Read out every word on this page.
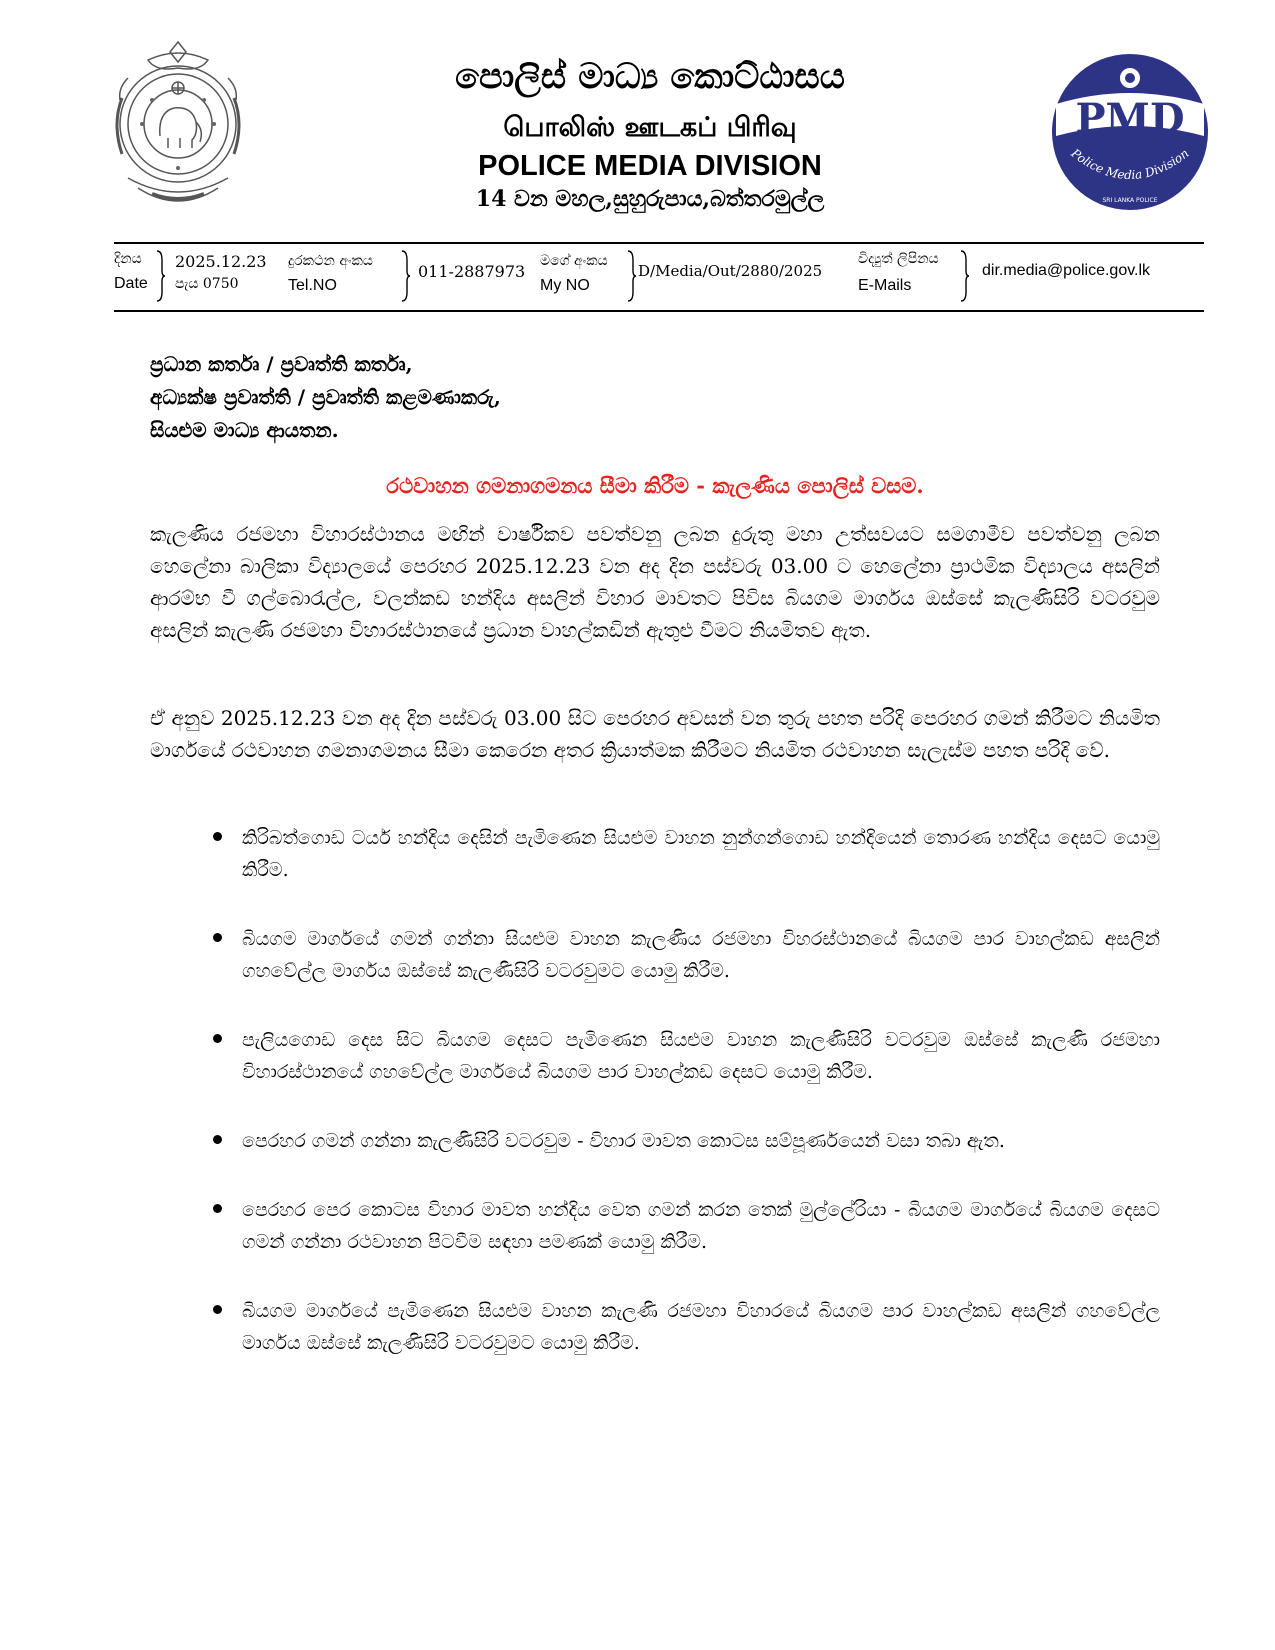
පොලිස් මාධ්‍ය කොට්ඨාසය
பொலிஸ் ஊடகப் பிரிவு
POLICE MEDIA DIVISION
14 වන මහල,සුහුරුපාය,බත්තරමුල්ල
PMD
Police Media Division
SRI LANKA POLICE
දිනය
Date
2025.12.23
පැය 0750
දුරකථන අංකය
Tel.NO
011-2887973
මගේ අංකය
My NO
D/Media/Out/2880/2025
විද්‍යුත් ලිපිනය
E-Mails
dir.media@police.gov.lk
ප්‍රධාන කර්තෘ / ප්‍රවෘත්ති කර්තෘ,
අධ්‍යක්ෂ ප්‍රවෘත්ති / ප්‍රවෘත්ති කළමණාකරු,
සියළුම මාධ්‍ය ආයතන.
රථවාහන ගමනාගමනය සීමා කිරීම - කැලණිය පොලිස් වසම.

කැලණිය රජමහා විහාරස්ථානය මඟින් වාර්ෂිකව පවත්වනු ලබන දුරුතු මහා උත්සවයට සමගාමීව පවත්වනු ලබන හෙලේනා බාලිකා විද්‍යාලයේ පෙරහර 2025.12.23 වන අද දින පස්වරු 03.00 ට හෙලේනා ප්‍රාථමික විද්‍යාලය අසලින් ආරම්භ වී ගල්බොරැල්ල, වලන්කඩ හන්දිය අසලින් විහාර මාවතට පිවිස බියගම මාර්ගය ඔස්සේ කැලණිසිරි වටරවුම අසලින් කැලණි රජමහා විහාරස්ථානයේ ප්‍රධාන වාහල්කඩින් ඇතුළු වීමට නියමිතව ඇත.

ඒ අනුව 2025.12.23 වන අද දින පස්වරු 03.00 සිට පෙරහර අවසන් වන තුරු පහත පරිදි පෙරහර ගමන් කිරීමට නියමිත මාර්ගයේ රථවාහන ගමනාගමනය සීමා කෙරෙන අතර ක්‍රියාත්මක කිරීමට නියමිත රථවාහන සැලැස්ම පහත පරිදි වේ.

කිරිබත්ගොඩ ටයර් හන්දිය දෙසින් පැමිණෙන සියළුම වාහන නුන්ගන්ගොඩ හන්දියෙන් තොරණ හන්දිය දෙසට යොමු කිරීම.
බියගම මාර්ගයේ ගමන් ගන්නා සියළුම වාහන කැලණිය රජමහා විහරස්ථානයේ බියගම පාර වාහල්කඩ අසලින් ගහවේල්ල මාර්ගය ඔස්සේ කැලණිසිරි වටරවුමට යොමු කිරීම.
පැලියගොඩ දෙස සිට බියගම දෙසට පැමිණෙන සියළුම වාහන කැලණිසිරි වටරවුම ඔස්සේ කැලණි රජමහා විහාරස්ථානයේ ගහවේල්ල මාර්ගයේ බියගම පාර වාහල්කඩ දෙසට යොමු කිරීම.
පෙරහර ගමන් ගන්නා කැලණිසිරි වටරවුම - විහාර මාවත කොටස සම්පූර්ණයෙන් වසා තබා ඇත.
පෙරහර පෙර කොටස විහාර මාවත හන්දිය වෙත ගමන් කරන තෙක් මුල්ලේරියා - බියගම මාර්ගයේ බියගම දෙසට ගමන් ගන්නා රථවාහන පිටවීම සඳහා පමණක් යොමු කිරීම.
බියගම මාර්ගයේ පැමිණෙන සියළුම වාහන කැලණි රජමහා විහාරයේ බියගම පාර වාහල්කඩ අසලින් ගහවේල්ල මාර්ගය ඔස්සේ කැලණිසිරි වටරවුමට යොමු කිරීම.
